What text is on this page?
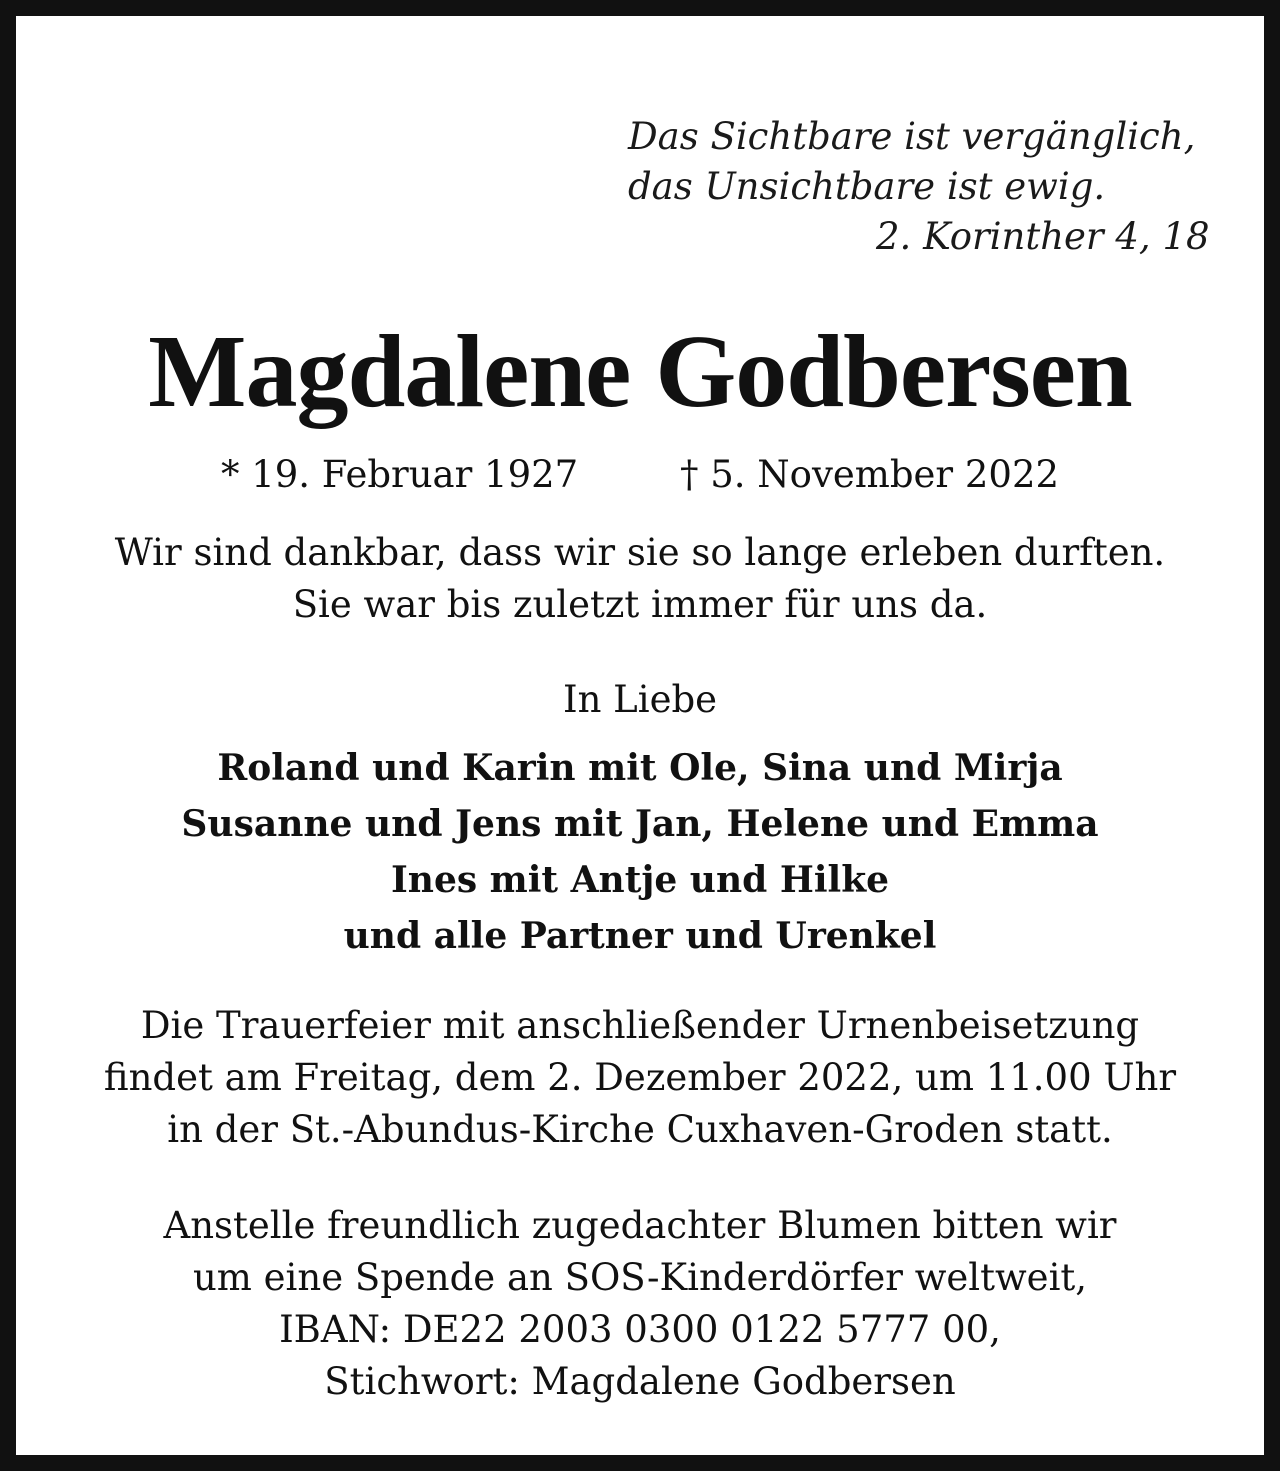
Das Sichtbare ist vergänglich,
das Unsichtbare ist ewig.
2. Korinther 4, 18
Magdalene Godbersen
* 19. Februar 1927	† 5. November 2022
Wir sind dankbar, dass wir sie so lange erleben durften.
Sie war bis zuletzt immer für uns da.
In Liebe
Roland und Karin mit Ole, Sina und Mirja
Susanne und Jens mit Jan, Helene und Emma
Ines mit Antje und Hilke
und alle Partner und Urenkel
Die Trauerfeier mit anschließender Urnenbeisetzung
findet am Freitag, dem 2. Dezember 2022, um 11.00 Uhr
in der St.-Abundus-Kirche Cuxhaven-Groden statt.
Anstelle freundlich zugedachter Blumen bitten wir
um eine Spende an SOS-Kinderdörfer weltweit,
IBAN: DE22 2003 0300 0122 5777 00,
Stichwort: Magdalene Godbersen
